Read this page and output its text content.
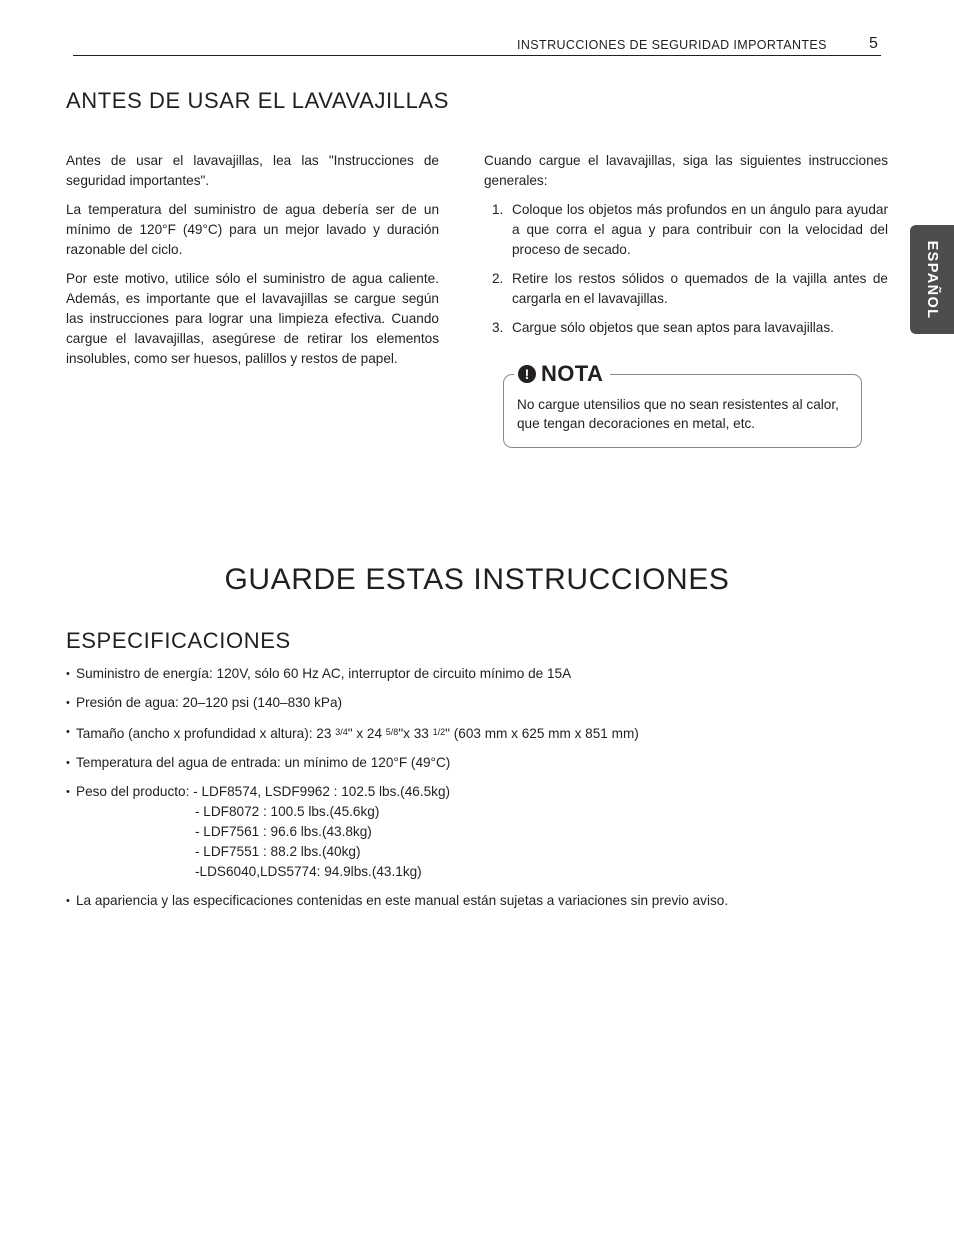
INSTRUCCIONES DE SEGURIDAD IMPORTANTES	5
ESPAÑOL
ANTES DE USAR EL LAVAVAJILLAS

Antes de usar el lavavajillas, lea las "Instrucciones de seguridad importantes".

La temperatura del suministro de agua debería ser de un mínimo de 120°F (49°C) para un mejor lavado y duración razonable del ciclo.

Por este motivo, utilice sólo el suministro de agua caliente. Además, es importante que el lavavajillas se cargue según las instrucciones para lograr una limpieza efectiva. Cuando cargue el lavavajillas, asegúrese de retirar los elementos insolubles, como ser huesos, palillos y restos de papel.

Cuando cargue el lavavajillas, siga las siguientes instrucciones generales:

1. Coloque los objetos más profundos en un ángulo para ayudar a que corra el agua y para contribuir con la velocidad del proceso de secado.
2. Retire los restos sólidos o quemados de la vajilla antes de cargarla en el lavavajillas.
3. Cargue sólo objetos que sean aptos para lavavajillas.
! NOTA
No cargue utensilios que no sean resistentes al calor, que tengan decoraciones en metal, etc.
GUARDE ESTAS INSTRUCCIONES
ESPECIFICACIONES
• Suministro de energía: 120V, sólo 60 Hz AC, interruptor de circuito mínimo de 15A
• Presión de agua: 20–120 psi (140–830 kPa)
• Tamaño (ancho x profundidad x altura): 23 $^{3/4}$" x 24 $^{5/8}$"x 33 $^{1/2}$" (603 mm x 625 mm x 851 mm)
• Temperatura del agua de entrada: un mínimo de 120°F (49°C)
• Peso del producto: - LDF8574, LSDF9962 : 102.5 lbs.(46.5kg)
- LDF8072 : 100.5 lbs.(45.6kg)
- LDF7561 : 96.6 lbs.(43.8kg)
- LDF7551 : 88.2 lbs.(40kg)
-LDS6040,LDS5774: 94.9lbs.(43.1kg)
• La apariencia y las especificaciones contenidas en este manual están sujetas a variaciones sin previo aviso.
